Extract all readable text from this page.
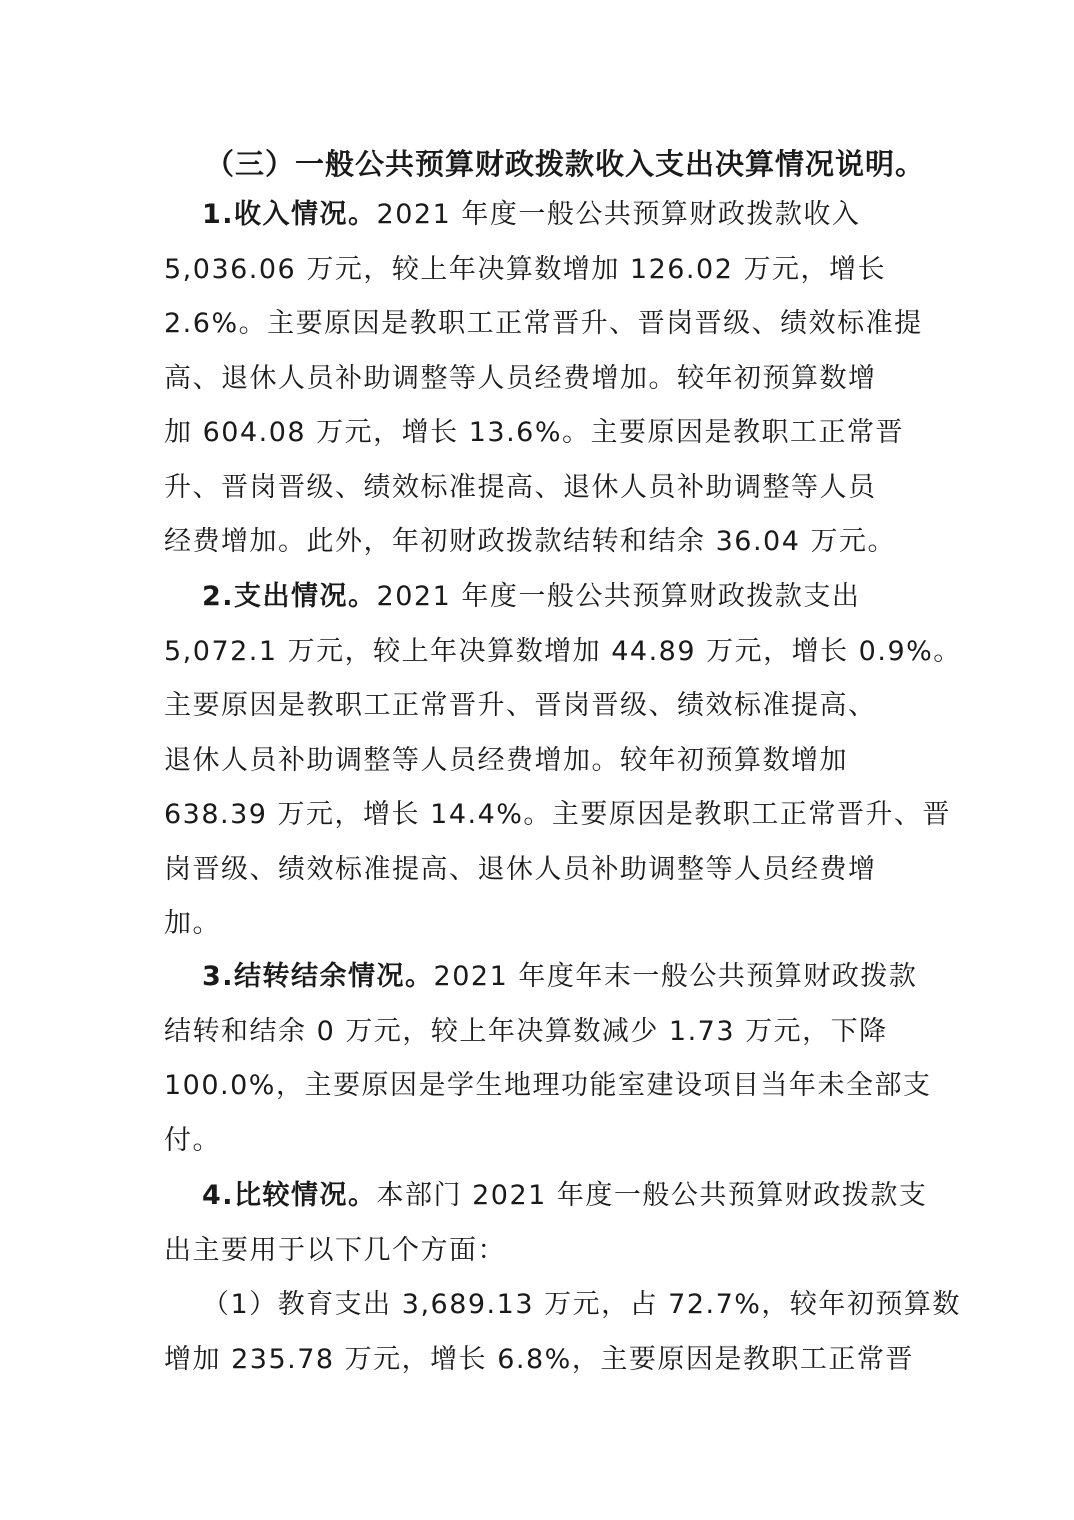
（三）一般公共预算财政拨款收入支出决算情况说明。

1.收入情况。2021 年度一般公共预算财政拨款收入
5,036.06 万元，较上年决算数增加 126.02 万元，增长
2.6%。主要原因是教职工正常晋升、晋岗晋级、绩效标准提
高、退休人员补助调整等人员经费增加。较年初预算数增
加 604.08 万元，增长 13.6%。主要原因是教职工正常晋
升、晋岗晋级、绩效标准提高、退休人员补助调整等人员
经费增加。此外，年初财政拨款结转和结余 36.04 万元。

2.支出情况。2021 年度一般公共预算财政拨款支出
5,072.1 万元，较上年决算数增加 44.89 万元，增长 0.9%。
主要原因是教职工正常晋升、晋岗晋级、绩效标准提高、
退休人员补助调整等人员经费增加。较年初预算数增加
638.39 万元，增长 14.4%。主要原因是教职工正常晋升、晋
岗晋级、绩效标准提高、退休人员补助调整等人员经费增
加。

3.结转结余情况。2021 年度年末一般公共预算财政拨款
结转和结余 0 万元，较上年决算数减少 1.73 万元，下降
100.0%，主要原因是学生地理功能室建设项目当年未全部支
付。

4.比较情况。本部门 2021 年度一般公共预算财政拨款支
出主要用于以下几个方面：

（1）教育支出 3,689.13 万元，占 72.7%，较年初预算数
增加 235.78 万元，增长 6.8%，主要原因是教职工正常晋
